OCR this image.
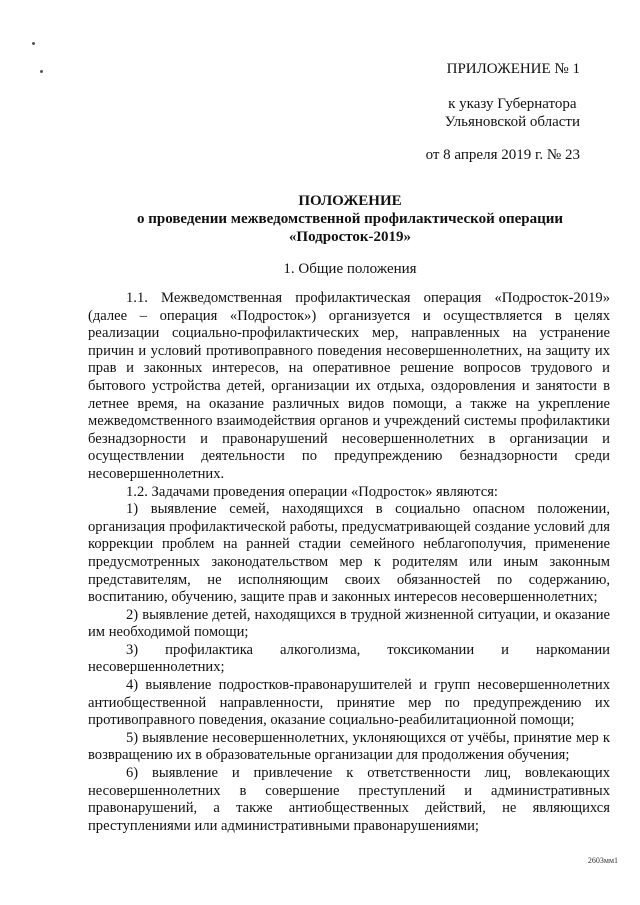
ПРИЛОЖЕНИЕ № 1
к указу Губернатора
Ульяновской области
от 8 апреля 2019 г. № 23
ПОЛОЖЕНИЕ
о проведении межведомственной профилактической операции
«Подросток-2019»
1. Общие положения

1.1. Межведомственная профилактическая операция «Подросток-2019» (далее – операция «Подросток») организуется и осуществляется в целях реализации социально-профилактических мер, направленных на устранение причин и условий противоправного поведения несовершеннолетних, на защиту их прав и законных интересов, на оперативное решение вопросов трудового и бытового устройства детей, организации их отдыха, оздоровления и занятости в летнее время, на оказание различных видов помощи, а также на укрепление межведомственного взаимодействия органов и учреждений системы профилактики безнадзорности и правонарушений несовершеннолетних в организации и осуществлении деятельности по предупреждению безнадзорности среди несовершеннолетних.

1.2. Задачами проведения операции «Подросток» являются:

1) выявление семей, находящихся в социально опасном положении, организация профилактической работы, предусматривающей создание условий для коррекции проблем на ранней стадии семейного неблагополучия, применение предусмотренных законодательством мер к родителям или иным законным представителям, не исполняющим своих обязанностей по содержанию, воспитанию, обучению, защите прав и законных интересов несовершеннолетних;

2) выявление детей, находящихся в трудной жизненной ситуации, и оказание им необходимой помощи;

3) профилактика алкоголизма, токсикомании и наркомании несовершеннолетних;

4) выявление подростков-правонарушителей и групп несовершеннолетних антиобщественной направленности, принятие мер по предупреждению их противоправного поведения, оказание социально-реабилитационной помощи;

5) выявление несовершеннолетних, уклоняющихся от учёбы, принятие мер к возвращению их в образовательные организации для продолжения обучения;

6) выявление и привлечение к ответственности лиц, вовлекающих несовершеннолетних в совершение преступлений и административных правонарушений, а также антиобщественных действий, не являющихся преступлениями или административными правонарушениями;

2603мм1
